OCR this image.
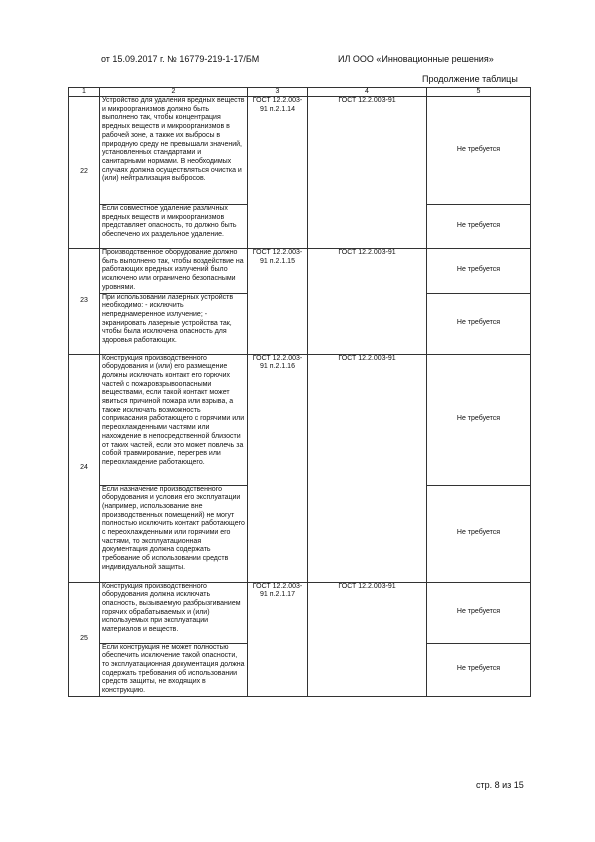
от 15.09.2017 г. № 16779-219-1-17/БМ	ИЛ ООО «Инновационные решения»
Продолжение таблицы
1	2	3	4	5
22	Устройство для удаления вредных веществ и микроорганизмов должно быть выполнено так, чтобы концентрация вредных веществ и микроорганизмов в рабочей зоне, а также их выбросы в природную среду не превышали значений, установленных стандартами и санитарными нормами. В необходимых случаях должна осуществляться очистка и (или) нейтрализация выбросов.	ГОСТ 12.2.003-91 п.2.1.14	ГОСТ 12.2.003-91	Не требуется
	Если совместное удаление различных вредных веществ и микроорганизмов представляет опасность, то должно быть обеспечено их раздельное удаление.			Не требуется
23	Производственное оборудование должно быть выполнено так, чтобы воздействие на работающих вредных излучений было исключено или ограничено безопасными уровнями.	ГОСТ 12.2.003-91 п.2.1.15	ГОСТ 12.2.003-91	Не требуется
	При использовании лазерных устройств необходимо: - исключить непреднамеренное излучение; - экранировать лазерные устройства так, чтобы была исключена опасность для здоровья работающих.			Не требуется
24	Конструкция производственного оборудования и (или) его размещение должны исключать контакт его горючих частей с пожаровзрывоопасными веществами, если такой контакт может явиться причиной пожара или взрыва, а также исключать возможность соприкасания работающего с горячими или переохлажденными частями или нахождение в непосредственной близости от таких частей, если это может повлечь за собой травмирование, перегрев или переохлаждение работающего.	ГОСТ 12.2.003-91 п.2.1.16	ГОСТ 12.2.003-91	Не требуется
	Если назначение производственного оборудования и условия его эксплуатации (например, использование вне производственных помещений) не могут полностью исключить контакт работающего с переохлажденными или горячими его частями, то эксплуатационная документация должна содержать требование об использовании средств индивидуальной защиты.			Не требуется
25	Конструкция производственного оборудования должна исключать опасность, вызываемую разбрызгиванием горячих обрабатываемых и (или) используемых при эксплуатации материалов и веществ.	ГОСТ 12.2.003-91 п.2.1.17	ГОСТ 12.2.003-91	Не требуется
	Если конструкция не может полностью обеспечить исключение такой опасности, то эксплуатационная документация должна содержать требования об использовании средств защиты, не входящих в конструкцию.			Не требуется
стр. 8 из 15
